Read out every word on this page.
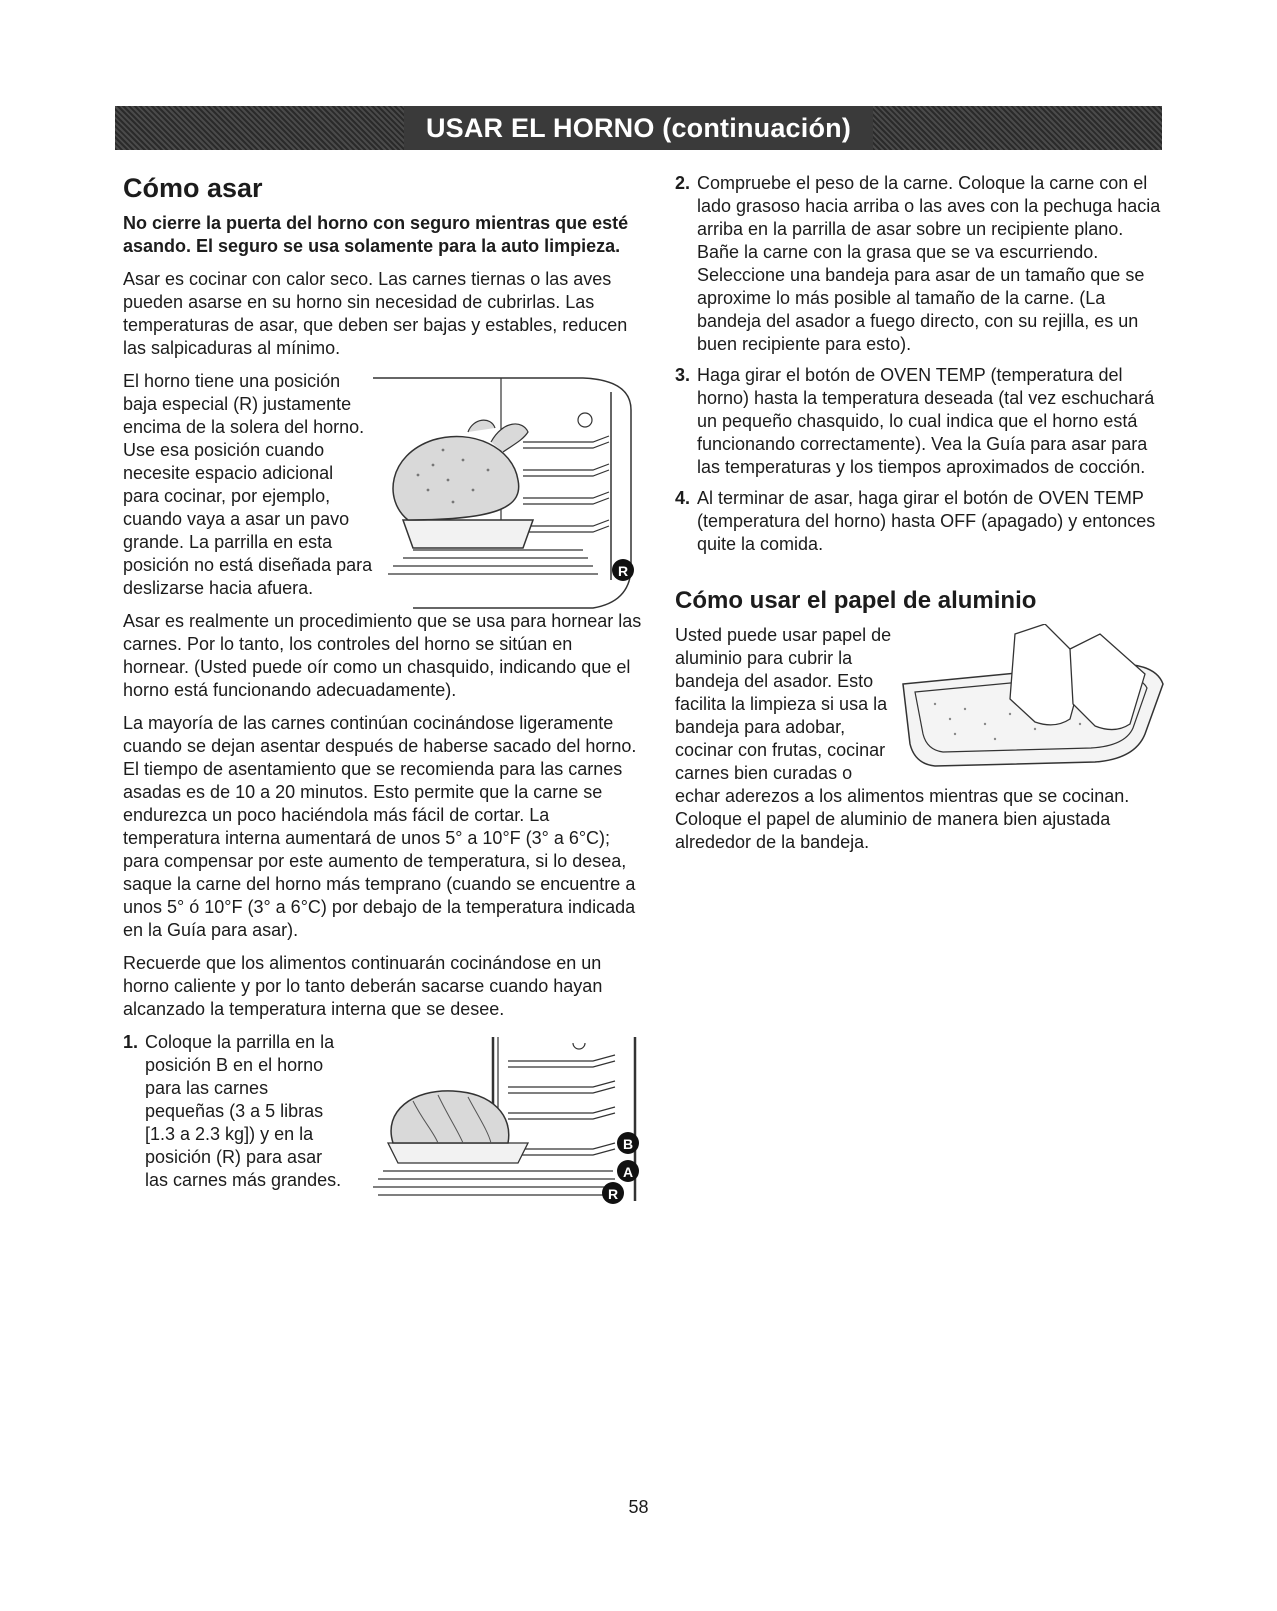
USAR EL HORNO (continuación)
Cómo asar
No cierre la puerta del horno con seguro mientras que esté asando. El seguro se usa solamente para la auto limpieza.

Asar es cocinar con calor seco. Las carnes tiernas o las aves pueden asarse en su horno sin necesidad de cubrirlas. Las temperaturas de asar, que deben ser bajas y estables, reducen las salpicaduras al mínimo.

R

El horno tiene una posición baja especial (R) justamente encima de la solera del horno. Use esa posición cuando necesite espacio adicional para cocinar, por ejemplo, cuando vaya a asar un pavo grande. La parrilla en esta posición no está diseñada para deslizarse hacia afuera.

Asar es realmente un procedimiento que se usa para hornear las carnes. Por lo tanto, los controles del horno se sitúan en hornear. (Usted puede oír como un chasquido, indicando que el horno está funcionando adecuadamente).

La mayoría de las carnes continúan cocinándose ligeramente cuando se dejan asentar después de haberse sacado del horno. El tiempo de asentamiento que se recomienda para las carnes asadas es de 10 a 20 minutos. Esto permite que la carne se endurezca un poco haciéndola más fácil de cortar. La temperatura interna aumentará de unos 5° a 10°F (3° a 6°C); para compensar por este aumento de temperatura, si lo desea, saque la carne del horno más temprano (cuando se encuentre a unos 5° ó 10°F (3° a 6°C) por debajo de la temperatura indicada en la Guía para asar).

Recuerde que los alimentos continuarán cocinándose en un horno caliente y por lo tanto deberán sacarse cuando hayan alcanzado la temperatura interna que se desee.

1.
B
A
R
Coloque la parrilla en la posición B en el horno para las carnes pequeñas (3 a 5 libras [1.3 a 2.3 kg]) y en la posición (R) para asar las carnes más grandes.
2. Compruebe el peso de la carne. Coloque la carne con el lado grasoso hacia arriba o las aves con la pechuga hacia arriba en la parrilla de asar sobre un recipiente plano. Bañe la carne con la grasa que se va escurriendo. Seleccione una bandeja para asar de un tamaño que se aproxime lo más posible al tamaño de la carne. (La bandeja del asador a fuego directo, con su rejilla, es un buen recipiente para esto).
3. Haga girar el botón de OVEN TEMP (temperatura del horno) hasta la temperatura deseada (tal vez eschuchará un pequeño chasquido, lo cual indica que el horno está funcionando correctamente). Vea la Guía para asar para las temperaturas y los tiempos aproximados de cocción.
4. Al terminar de asar, haga girar el botón de OVEN TEMP (temperatura del horno) hasta OFF (apagado) y entonces quite la comida.
Cómo usar el papel de aluminio

Usted puede usar papel de aluminio para cubrir la bandeja del asador. Esto facilita la limpieza si usa la bandeja para adobar, cocinar con frutas, cocinar carnes bien curadas o echar aderezos a los alimentos mientras que se cocinan. Coloque el papel de aluminio de manera bien ajustada alrededor de la bandeja.

58
